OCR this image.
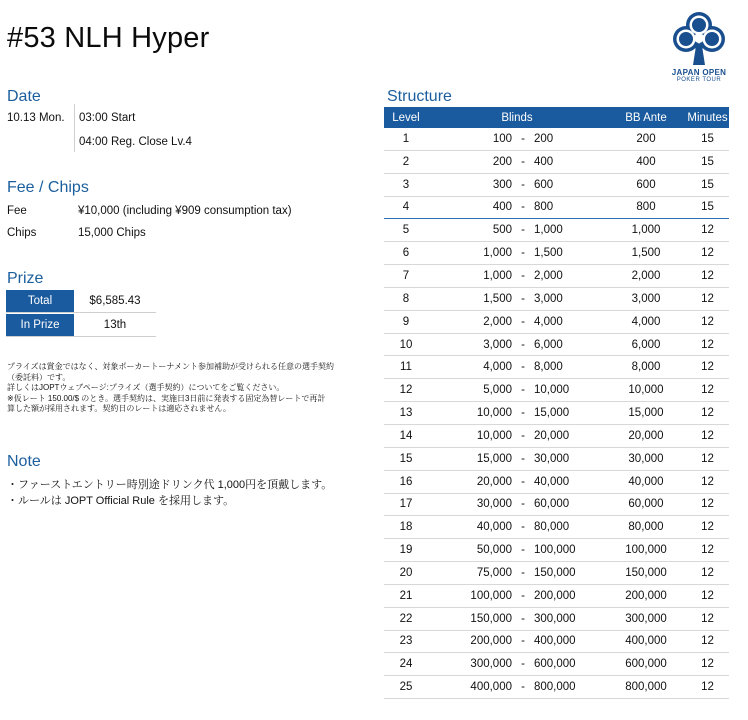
#53 NLH Hyper
JAPAN OPEN
POKER TOUR
Date
10.13 Mon. 03:00 Start
04:00 Reg. Close Lv.4
Fee / Chips
Fee	¥10,000 (including ¥909 consumption tax)
Chips	15,000 Chips
Prize
Total	$6,585.43
In Prize	13th
プライズは賞金ではなく、対象ポーカートーナメント参加補助が受けられる任意の選手契約
（委託料）です。
詳しくはJOPTウェブページ:プライズ（選手契約）についてをご覧ください。
※仮レート 150.00/$ のとき。選手契約は、実施日3日前に発表する固定為替レートで再計
算した額が採用されます。契約日のレートは適応されません。
Note
・ファーストエントリー時別途ドリンク代 1,000円を頂戴します。
・ルールは JOPT Official Rule を採用します。
Structure
Level	Blinds	BB Ante	Minutes
1	100 - 200	200	15
2	200 - 400	400	15
3	300 - 600	600	15
4	400 - 800	800	15
5	500 - 1,000	1,000	12
6	1,000 - 1,500	1,500	12
7	1,000 - 2,000	2,000	12
8	1,500 - 3,000	3,000	12
9	2,000 - 4,000	4,000	12
10	3,000 - 6,000	6,000	12
11	4,000 - 8,000	8,000	12
12	5,000 - 10,000	10,000	12
13	10,000 - 15,000	15,000	12
14	10,000 - 20,000	20,000	12
15	15,000 - 30,000	30,000	12
16	20,000 - 40,000	40,000	12
17	30,000 - 60,000	60,000	12
18	40,000 - 80,000	80,000	12
19	50,000 - 100,000	100,000	12
20	75,000 - 150,000	150,000	12
21	100,000 - 200,000	200,000	12
22	150,000 - 300,000	300,000	12
23	200,000 - 400,000	400,000	12
24	300,000 - 600,000	600,000	12
25	400,000 - 800,000	800,000	12
